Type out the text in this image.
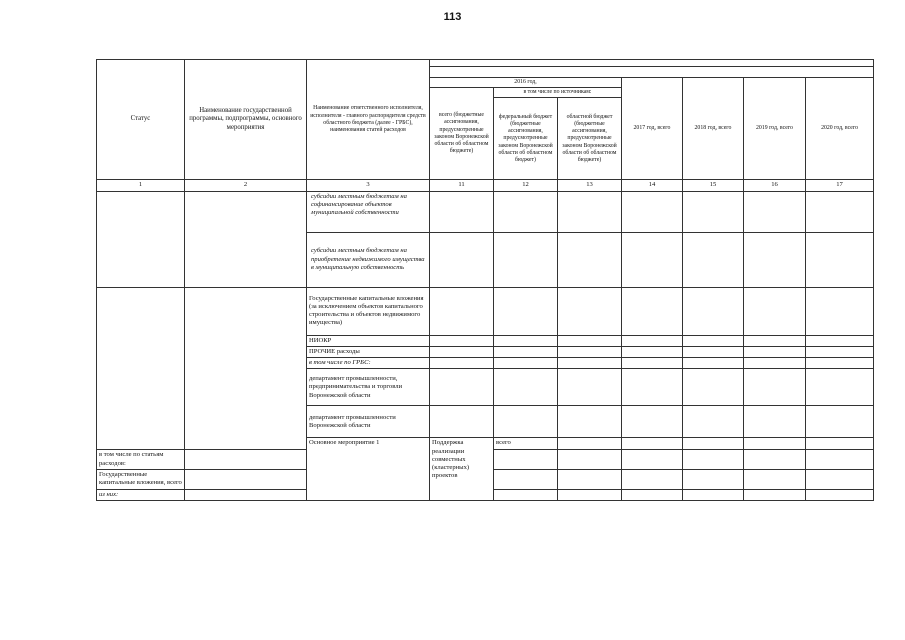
113
Статус	Наименование государственной программы, подпрограммы, основного мероприятия	Наименование ответственного исполнителя, исполнителя - главного распорядителя средств областного бюджета (далее - ГРБС), наименования статей расходов								

			2016 год,			2017 год, всего	2018 год, всего	2019 год, всего	2020 год, всего	
			всего (бюджетные ассигнования, предусмотренные законом Воронежской области об областном бюджете)	в том числе по источникам:						
				федеральный бюджет (бюджетные ассигнования, предусмотренные законом Воронежской области об областном бюджет)	областной бюджет (бюджетные ассигнования, предусмотренные законом Воронежской области об областном бюджете)					
1	2	3	11	12	13	14	15	16	17	
		субсидии местным бюджетам на софинансирование объектов муниципальной собственности								
		субсидии местным бюджетам на приобретение недвижимого имущества в муниципальную собственность								
		Государственные капитальные вложения (за исключением объектов капитального строительства и объектов недвижимого имущества)								
		НИОКР								
		ПРОЧИЕ расходы								
		в том числе по ГРБС:								
		департамент промышленности, предпринимательства и торговли Воронежской области								
		департамент промышленности Воронежской области								
		Основное мероприятие 1	Поддержка реализации совместных (кластерных) проектов	всего							
в том числе по статьям расходов:										
Государственные капитальные вложения, всего										
из них:										
